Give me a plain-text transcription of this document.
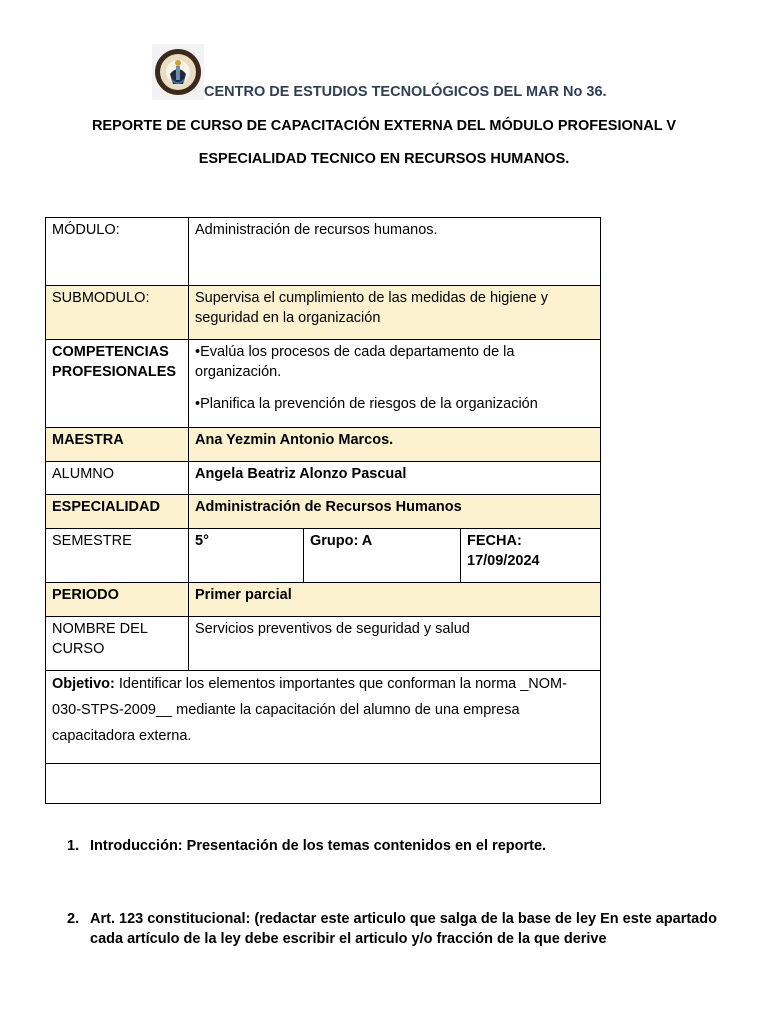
CENTRO DE ESTUDIOS TECNOLÓGICOS DEL MAR No 36.
REPORTE DE CURSO DE CAPACITACIÓN EXTERNA DEL MÓDULO PROFESIONAL V
ESPECIALIDAD TECNICO EN RECURSOS HUMANOS.
MÓDULO:	Administración de recursos humanos.		
SUBMODULO:	Supervisa el cumplimiento de las medidas de higiene y seguridad en la organización		
COMPETENCIAS PROFESIONALES	•Evalúa los procesos de cada departamento de la organización.

•Planifica la prevención de riesgos de la organización		

MAESTRA	Ana Yezmin Antonio Marcos.		
ALUMNO	Angela Beatriz Alonzo Pascual		
ESPECIALIDAD	Administración de Recursos Humanos		
SEMESTRE	5°	Grupo: A	FECHA: 17/09/2024
PERIODO	Primer parcial		
NOMBRE DEL CURSO	Servicios preventivos de seguridad y salud		
Objetivo: Identificar los elementos importantes que conforman la norma _NOM-030-STPS-2009__ mediante la capacitación del alumno de una empresa capacitadora externa.			

1. Introducción: Presentación de los temas contenidos en el reporte.
2. Art. 123 constitucional: (redactar este articulo que salga de la base de ley En este apartado cada artículo de la ley debe escribir el articulo y/o fracción de la que derive
